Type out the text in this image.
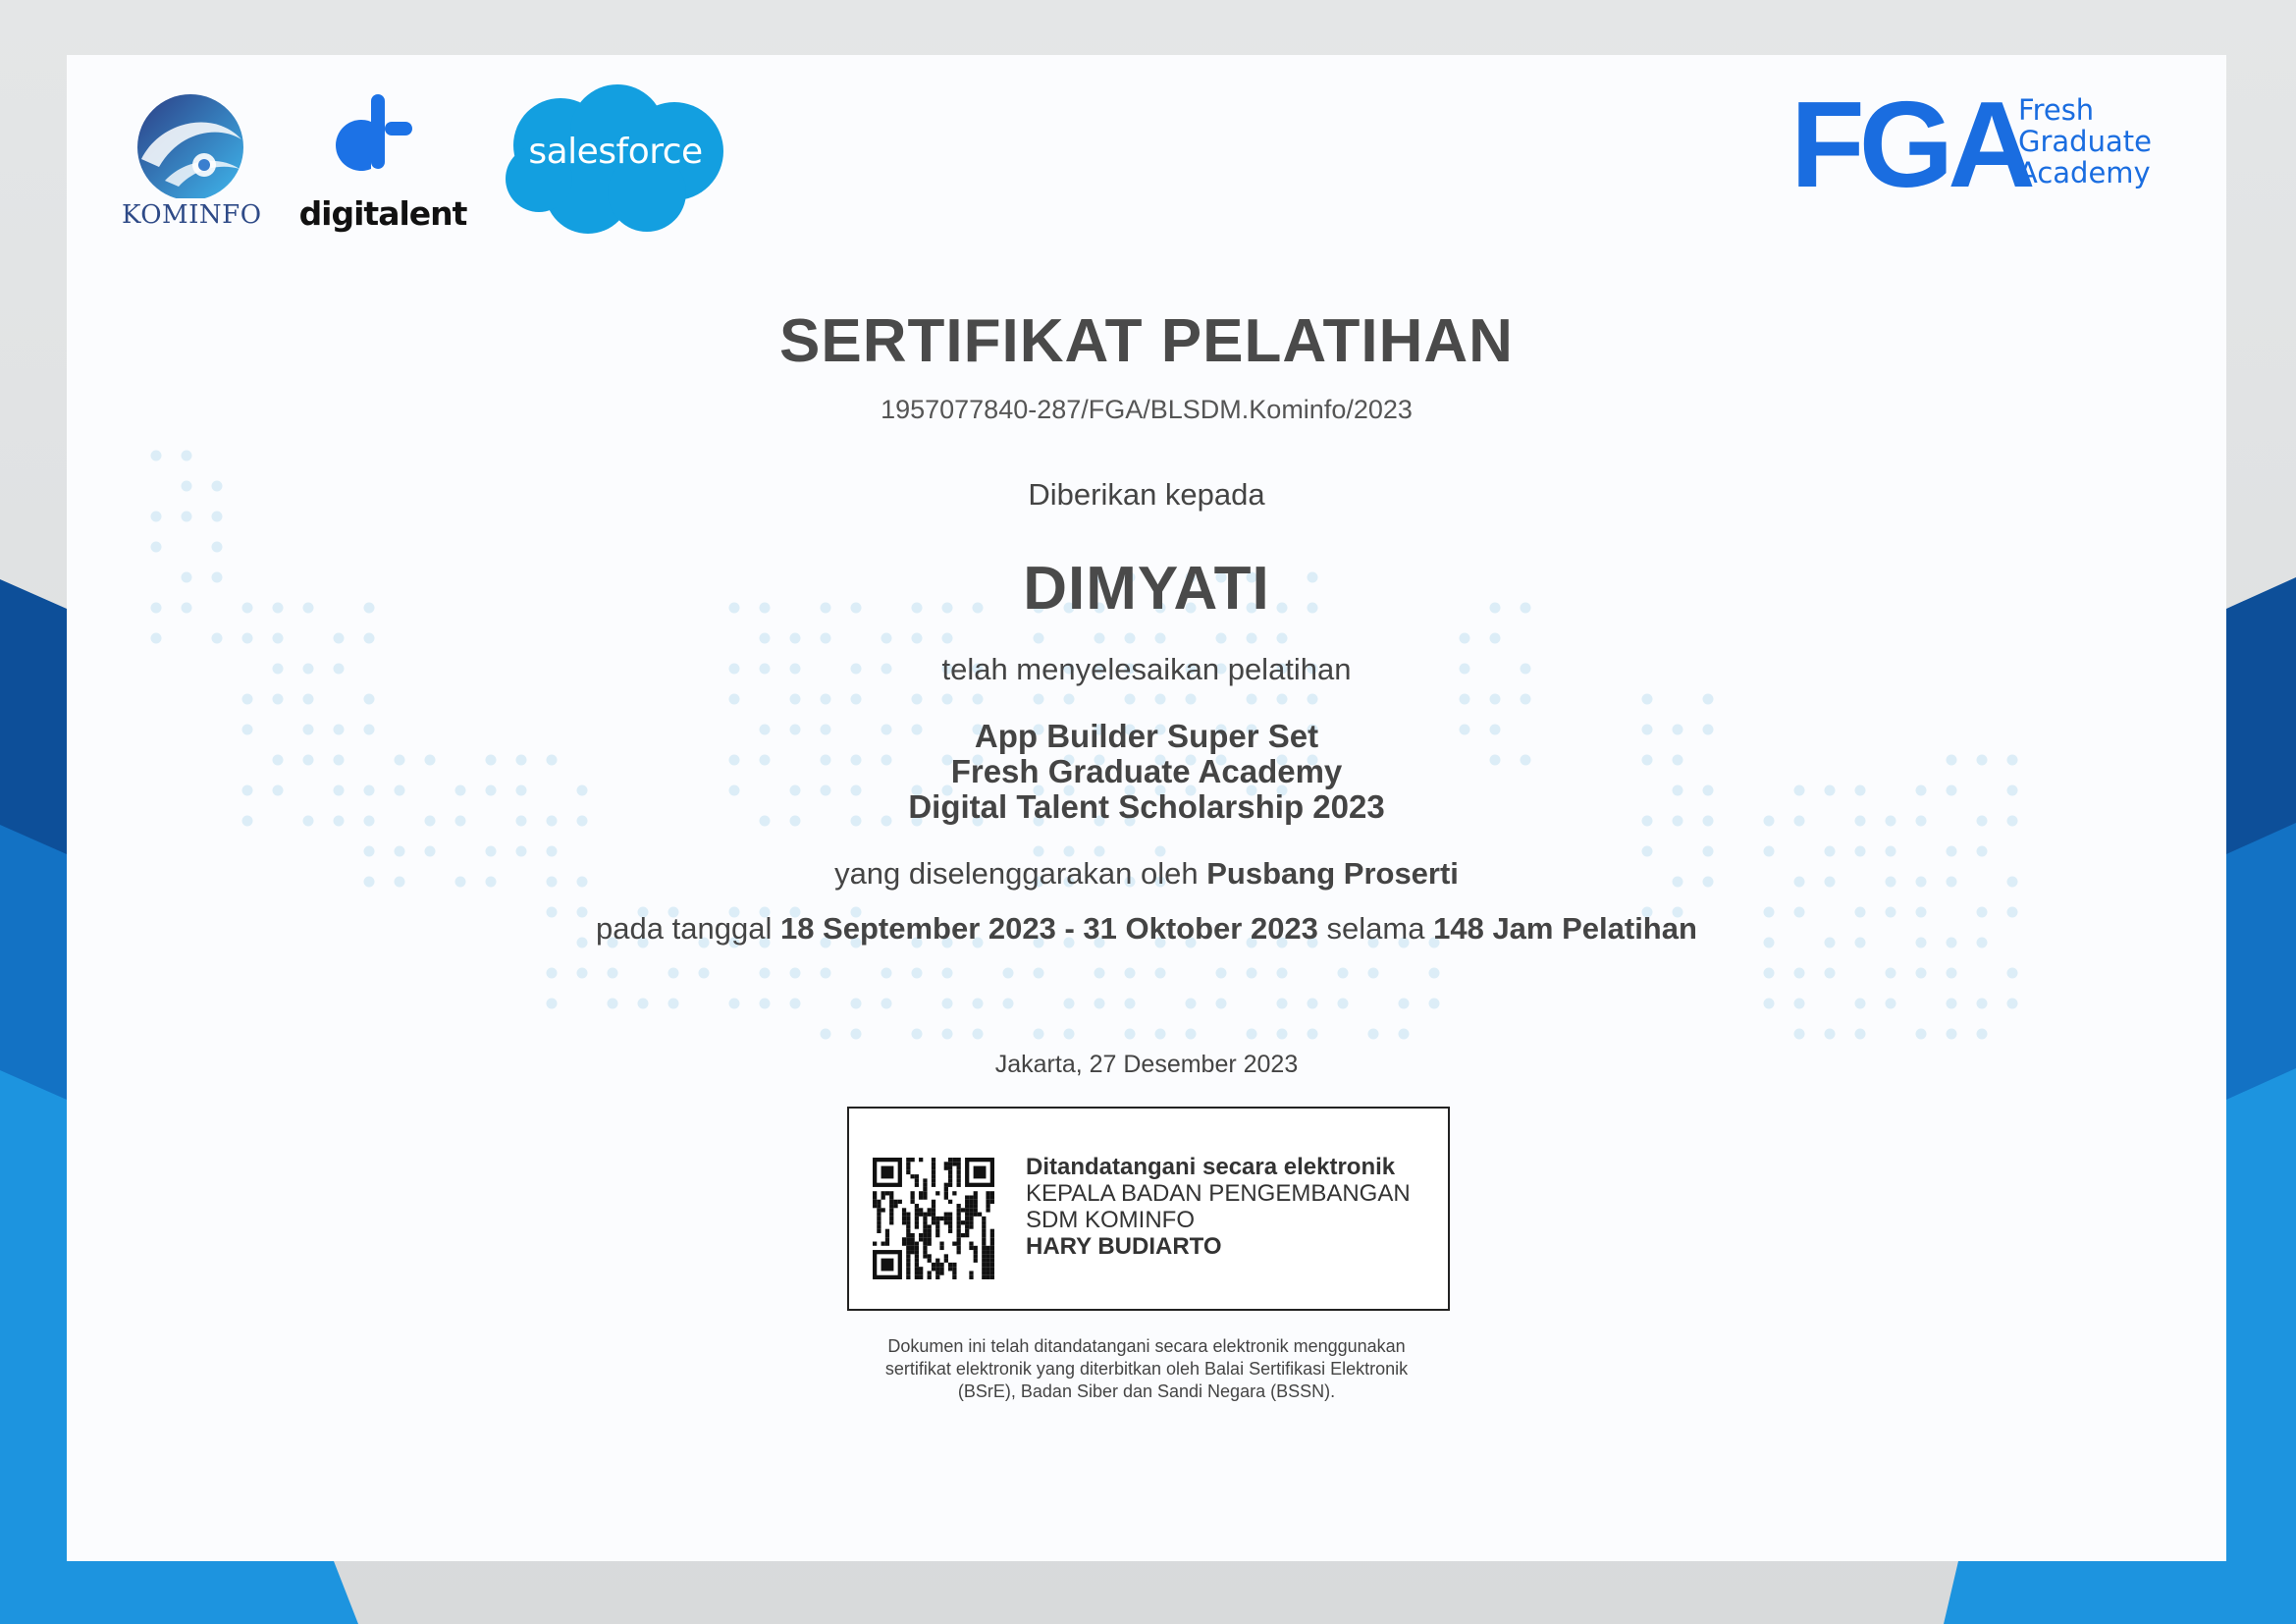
KOMINFO digitalent
salesforce	FGA
Fresh
Graduate
Academy
SERTIFIKAT PELATIHAN
1957077840-287/FGA/BLSDM.Kominfo/2023
Diberikan kepada
DIMYATI
telah menyelesaikan pelatihan
App Builder Super Set
Fresh Graduate Academy
Digital Talent Scholarship 2023
yang diselenggarakan oleh Pusbang Proserti
pada tanggal 18 September 2023 - 31 Oktober 2023 selama 148 Jam Pelatihan
Jakarta, 27 Desember 2023
Ditandatangani secara elektronik
KEPALA BADAN PENGEMBANGAN
SDM KOMINFO
HARY BUDIARTO
Dokumen ini telah ditandatangani secara elektronik menggunakan
sertifikat elektronik yang diterbitkan oleh Balai Sertifikasi Elektronik
(BSrE), Badan Siber dan Sandi Negara (BSSN).
